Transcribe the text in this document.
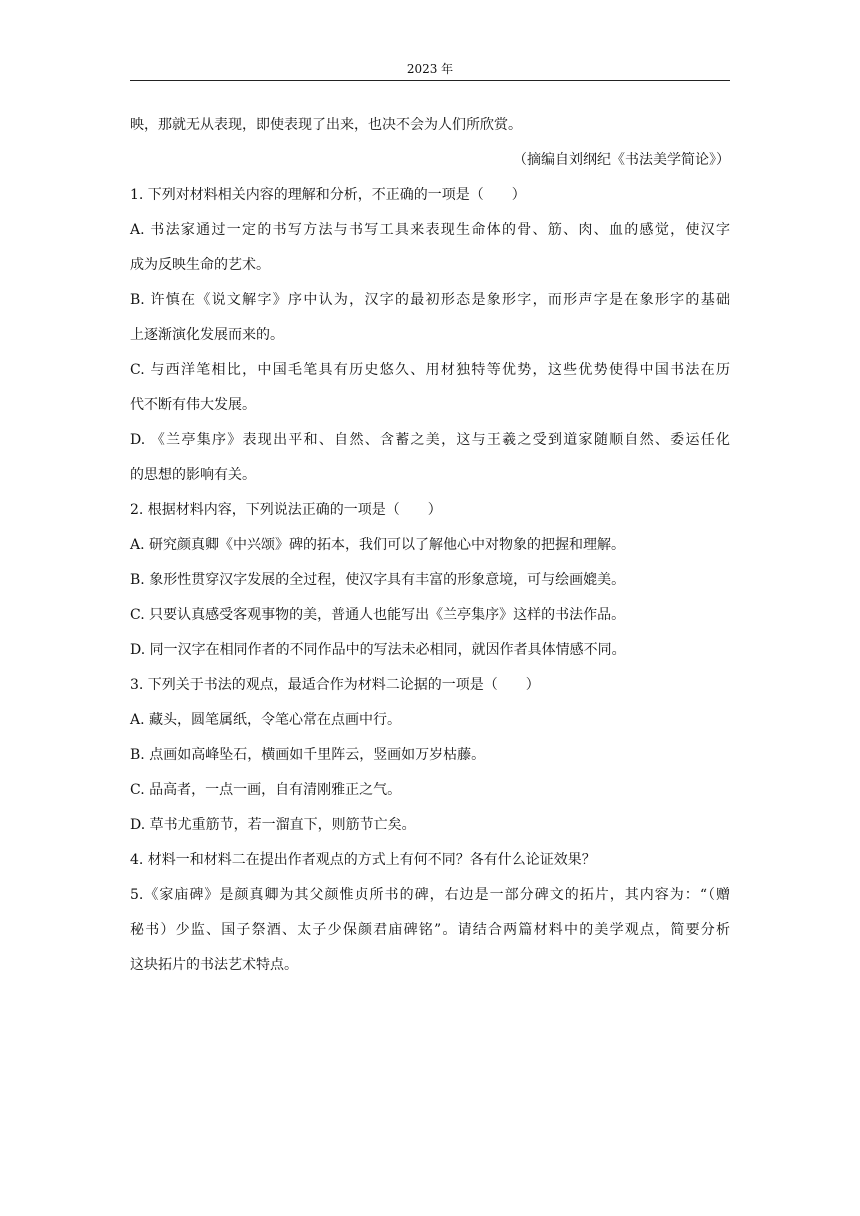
2023 年
映，那就无从表现，即使表现了出来，也决不会为人们所欣赏。
（摘编自刘纲纪《书法美学简论》）
1. 下列对材料相关内容的理解和分析，不正确的一项是（　　）
A. 书法家通过一定的书写方法与书写工具来表现生命体的骨、筋、肉、血的感觉，使汉字
成为反映生命的艺术。
B. 许慎在《说文解字》序中认为，汉字的最初形态是象形字，而形声字是在象形字的基础
上逐渐演化发展而来的。
C. 与西洋笔相比，中国毛笔具有历史悠久、用材独特等优势，这些优势使得中国书法在历
代不断有伟大发展。
D. 《兰亭集序》表现出平和、自然、含蓄之美，这与王羲之受到道家随顺自然、委运任化
的思想的影响有关。
2. 根据材料内容，下列说法正确的一项是（　　）
A. 研究颜真卿《中兴颂》碑的拓本，我们可以了解他心中对物象的把握和理解。
B. 象形性贯穿汉字发展的全过程，使汉字具有丰富的形象意境，可与绘画媲美。
C. 只要认真感受客观事物的美，普通人也能写出《兰亭集序》这样的书法作品。
D. 同一汉字在相同作者的不同作品中的写法未必相同，就因作者具体情感不同。
3. 下列关于书法的观点，最适合作为材料二论据的一项是（　　）
A. 藏头，圆笔属纸，令笔心常在点画中行。
B. 点画如高峰坠石，横画如千里阵云，竖画如万岁枯藤。
C. 品高者，一点一画，自有清刚雅正之气。
D. 草书尤重筋节，若一溜直下，则筋节亡矣。
4. 材料一和材料二在提出作者观点的方式上有何不同？各有什么论证效果？
5.《家庙碑》是颜真卿为其父颜惟贞所书的碑，右边是一部分碑文的拓片，其内容为：“（赠
秘书）少监、国子祭酒、太子少保颜君庙碑铭”。请结合两篇材料中的美学观点，简要分析
这块拓片的书法艺术特点。
